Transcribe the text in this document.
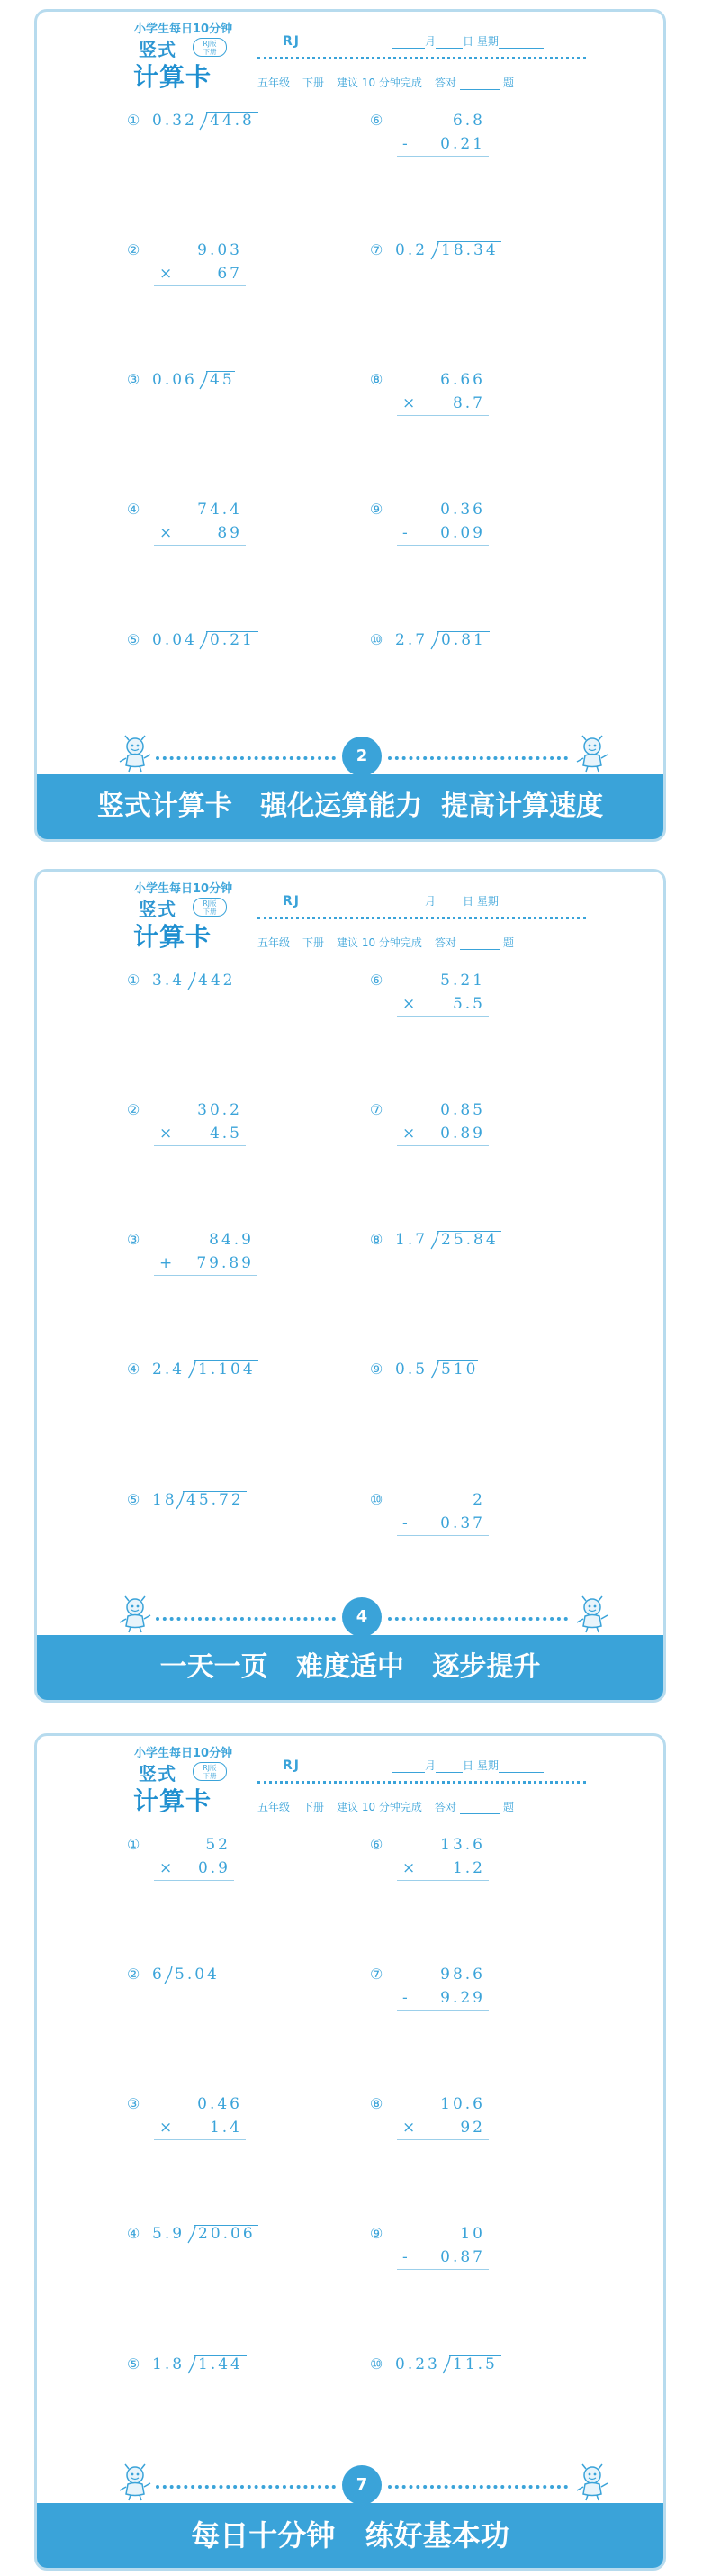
小学生每日10分钟
竖式
计算卡
RJ版
下册
RJ	月	日 星期
五年级 下册 建议 10 分钟完成 答对	题
① 0.32 44.8
②	9.03
×	67
③ 0.06 45
④	74.4
×	89
⑤ 0.04 0.21
⑥	6.8
- 0.21
⑦ 0.2 18.34
⑧	6.66
× 8.7
⑨	0.36
- 0.09
⑩ 2.7 0.81
2
竖式计算卡   强化运算能力  提高计算速度
小学生每日10分钟
竖式
计算卡
RJ版
下册
RJ	月	日 星期
五年级 下册 建议 10 分钟完成 答对	题
① 3.4 442
②	30.2
× 4.5
③	84.9
+ 79.89
④ 2.4 1.104
⑤ 18 45.72
⑥	5.21
× 5.5
⑦	0.85
× 0.89
⑧ 1.7 25.84
⑨ 0.5 510
⑩	2
- 0.37
4
一天一页   难度适中   逐步提升
小学生每日10分钟
竖式
计算卡
RJ版
下册
RJ	月	日 星期
五年级 下册 建议 10 分钟完成 答对	题
①	52
× 0.9
② 6 5.04
③	0.46
× 1.4
④ 5.9 20.06
⑤ 1.8 1.44
⑥	13.6
× 1.2
⑦	98.6
- 9.29
⑧	10.6
×	92
⑨	10
- 0.87
⑩ 0.23 11.5
7
每日十分钟   练好基本功
